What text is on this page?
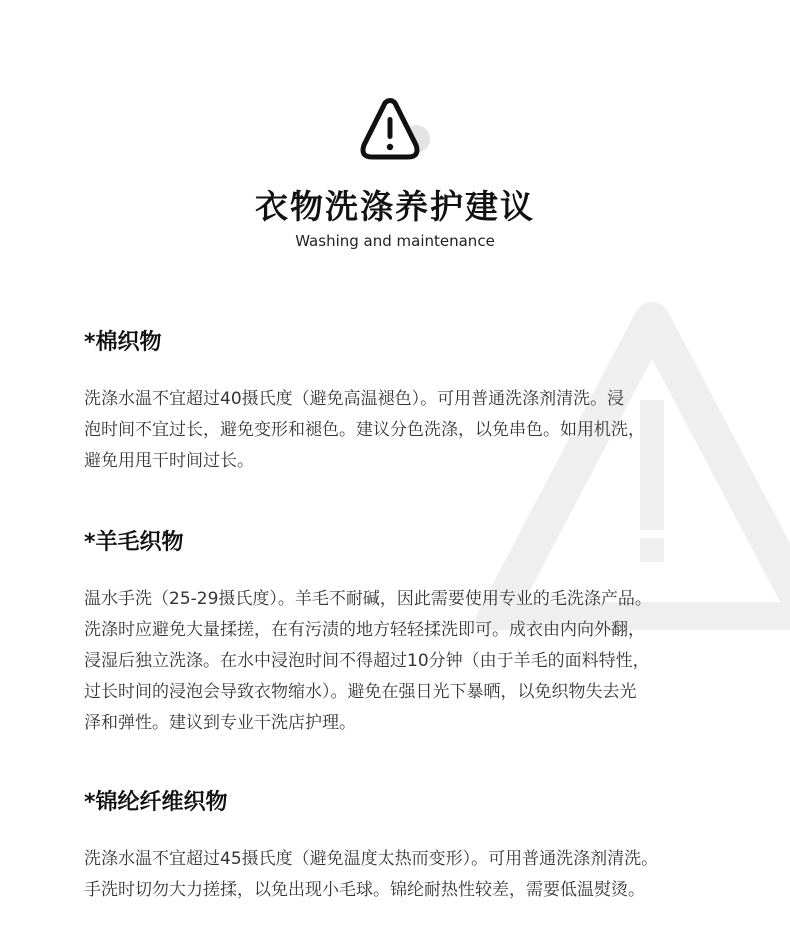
衣物洗涤养护建议
Washing and maintenance
*棉织物
洗涤水温不宜超过40摄氏度（避免高温褪色）。可用普通洗涤剂清洗。浸
泡时间不宜过长，避免变形和褪色。建议分色洗涤，以免串色。如用机洗，
避免用甩干时间过长。
*羊毛织物
温水手洗（25-29摄氏度）。羊毛不耐碱，因此需要使用专业的毛洗涤产品。
洗涤时应避免大量揉搓，在有污渍的地方轻轻揉洗即可。成衣由内向外翻，
浸湿后独立洗涤。在水中浸泡时间不得超过10分钟（由于羊毛的面料特性，
过长时间的浸泡会导致衣物缩水）。避免在强日光下暴晒，以免织物失去光
泽和弹性。建议到专业干洗店护理。
*锦纶纤维织物
洗涤水温不宜超过45摄氏度（避免温度太热而变形）。可用普通洗涤剂清洗。
手洗时切勿大力搓揉，以免出现小毛球。锦纶耐热性较差，需要低温熨烫。
